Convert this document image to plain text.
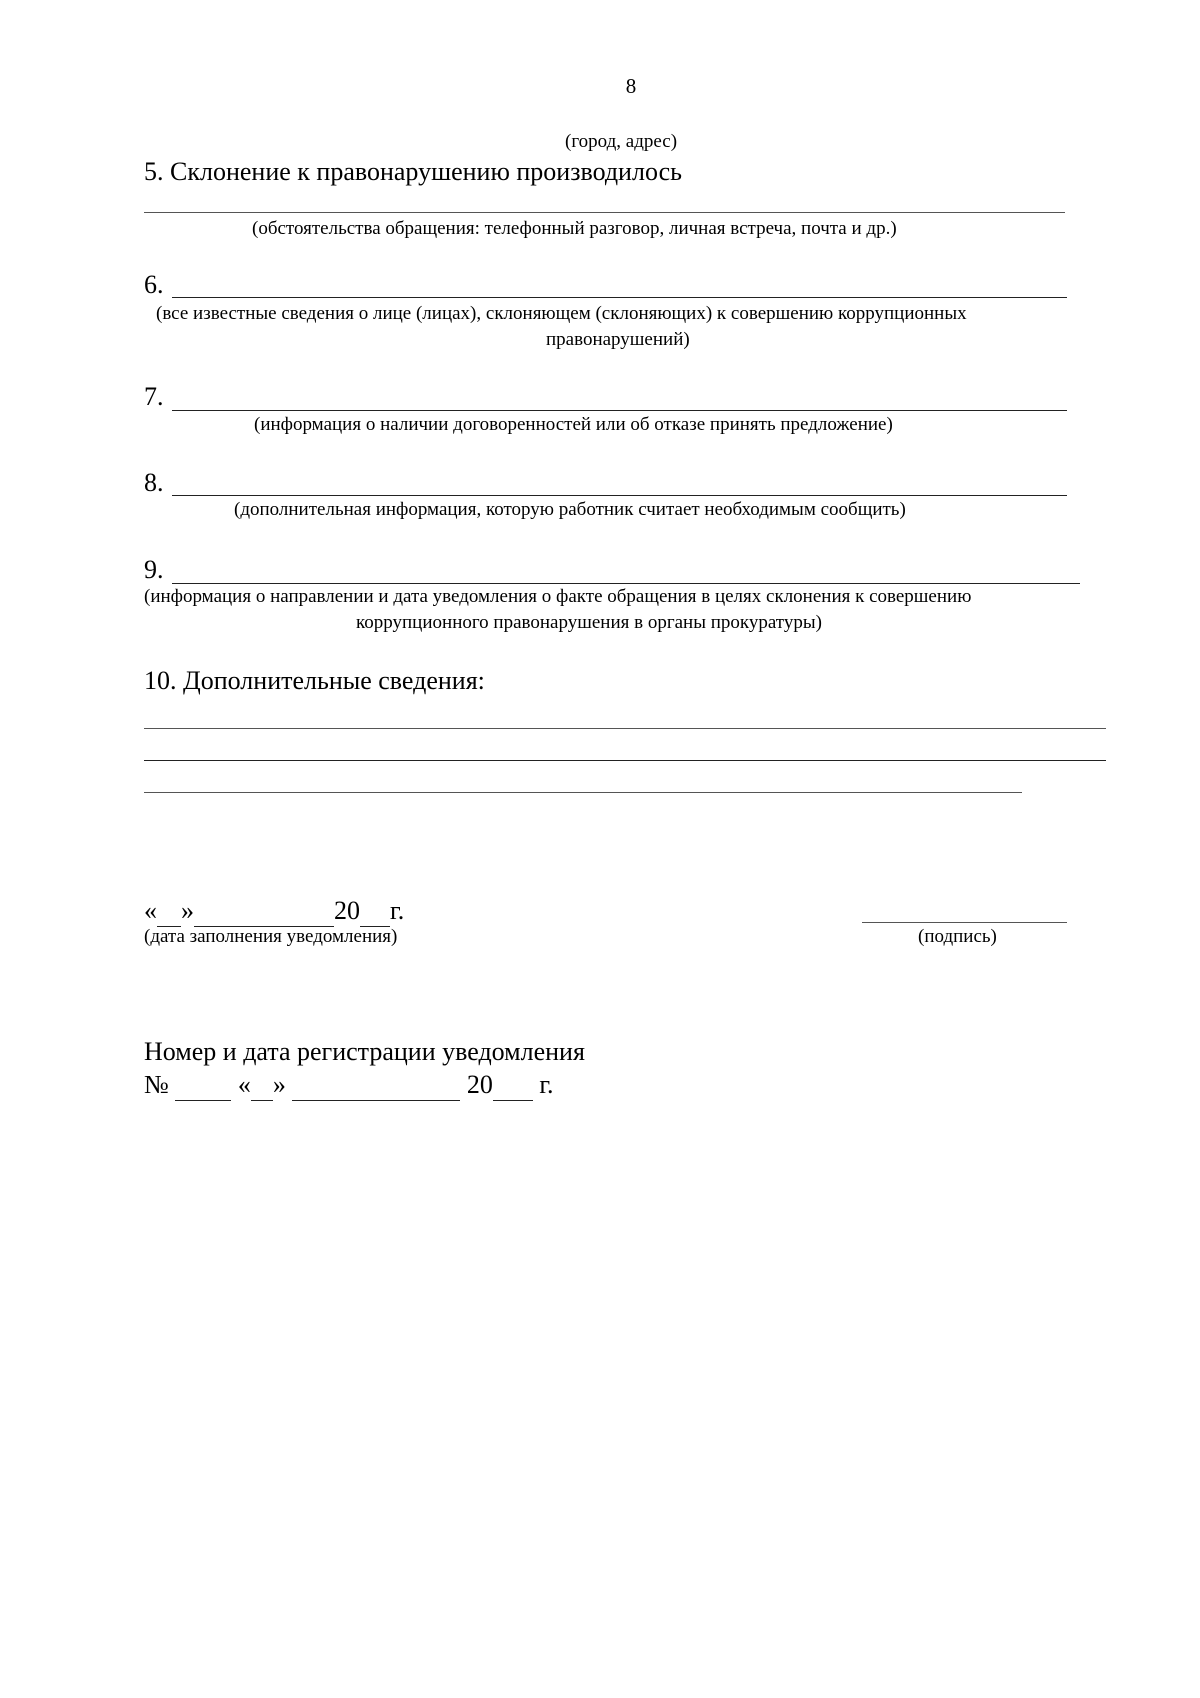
8
(город, адрес)
5. Склонение к правонарушению производилось
(обстоятельства обращения: телефонный разговор, личная встреча, почта и др.)
6.
(все известные сведения о лице (лицах), склоняющем (склоняющих) к совершению коррупционных
правонарушений)
7.
(информация о наличии договоренностей или об отказе принять предложение)
8.
(дополнительная информация, которую работник считает необходимым сообщить)
9.
(информация о направлении и дата уведомления о факте обращения в целях склонения к совершению
коррупционного правонарушения в органы прокуратуры)
10. Дополнительные сведения:
« »	20 г.
(дата заполнения уведомления)	(подпись)
Номер и дата регистрации уведомления
№	« »	20 г.
